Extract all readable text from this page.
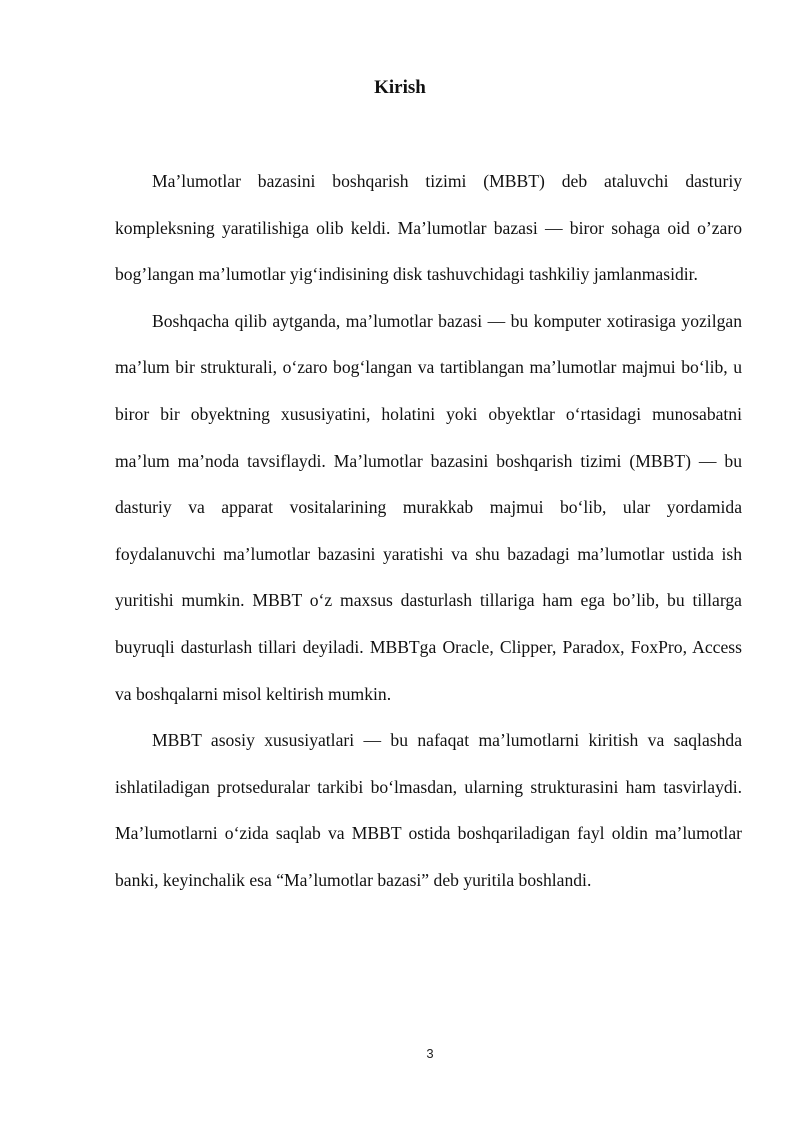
Kirish

Ma’lumotlar bazasini boshqarish tizimi (MBBT) deb ataluvchi dasturiy kompleksning yaratilishiga olib keldi. Ma’lumotlar bazasi — biror sohaga oid o’zaro bog’langan ma’lumotlar yig‘indisining disk tashuvchidagi tashkiliy jamlanmasidir.

Boshqacha qilib aytganda, ma’lumotlar bazasi — bu komputer xotirasiga yozilgan ma’lum bir strukturali, o‘zaro bog‘langan va tartiblangan ma’lumotlar majmui bo‘lib, u biror bir obyektning xususiyatini, holatini yoki obyektlar o‘rtasidagi munosabatni ma’lum ma’noda tavsiflaydi. Ma’lumotlar bazasini boshqarish tizimi (MBBT) — bu dasturiy va apparat vositalarining murakkab majmui bo‘lib, ular yordamida foydalanuvchi ma’lumotlar bazasini yaratishi va shu bazadagi ma’lumotlar ustida ish yuritishi mumkin. MBBT o‘z maxsus dasturlash tillariga ham ega bo’lib, bu tillarga buyruqli dasturlash tillari deyiladi. MBBTga Oracle, Clipper, Paradox, FoxPro, Access va boshqalarni misol keltirish mumkin.

MBBT asosiy xususiyatlari — bu nafaqat ma’lumotlarni kiritish va saqlashda ishlatiladigan protseduralar tarkibi bo‘lmasdan, ularning strukturasini ham tasvirlaydi. Ma’lumotlarni o‘zida saqlab va MBBT ostida boshqariladigan fayl oldin ma’lumotlar banki, keyinchalik esa “Ma’lumotlar bazasi” deb yuritila boshlandi.

3
